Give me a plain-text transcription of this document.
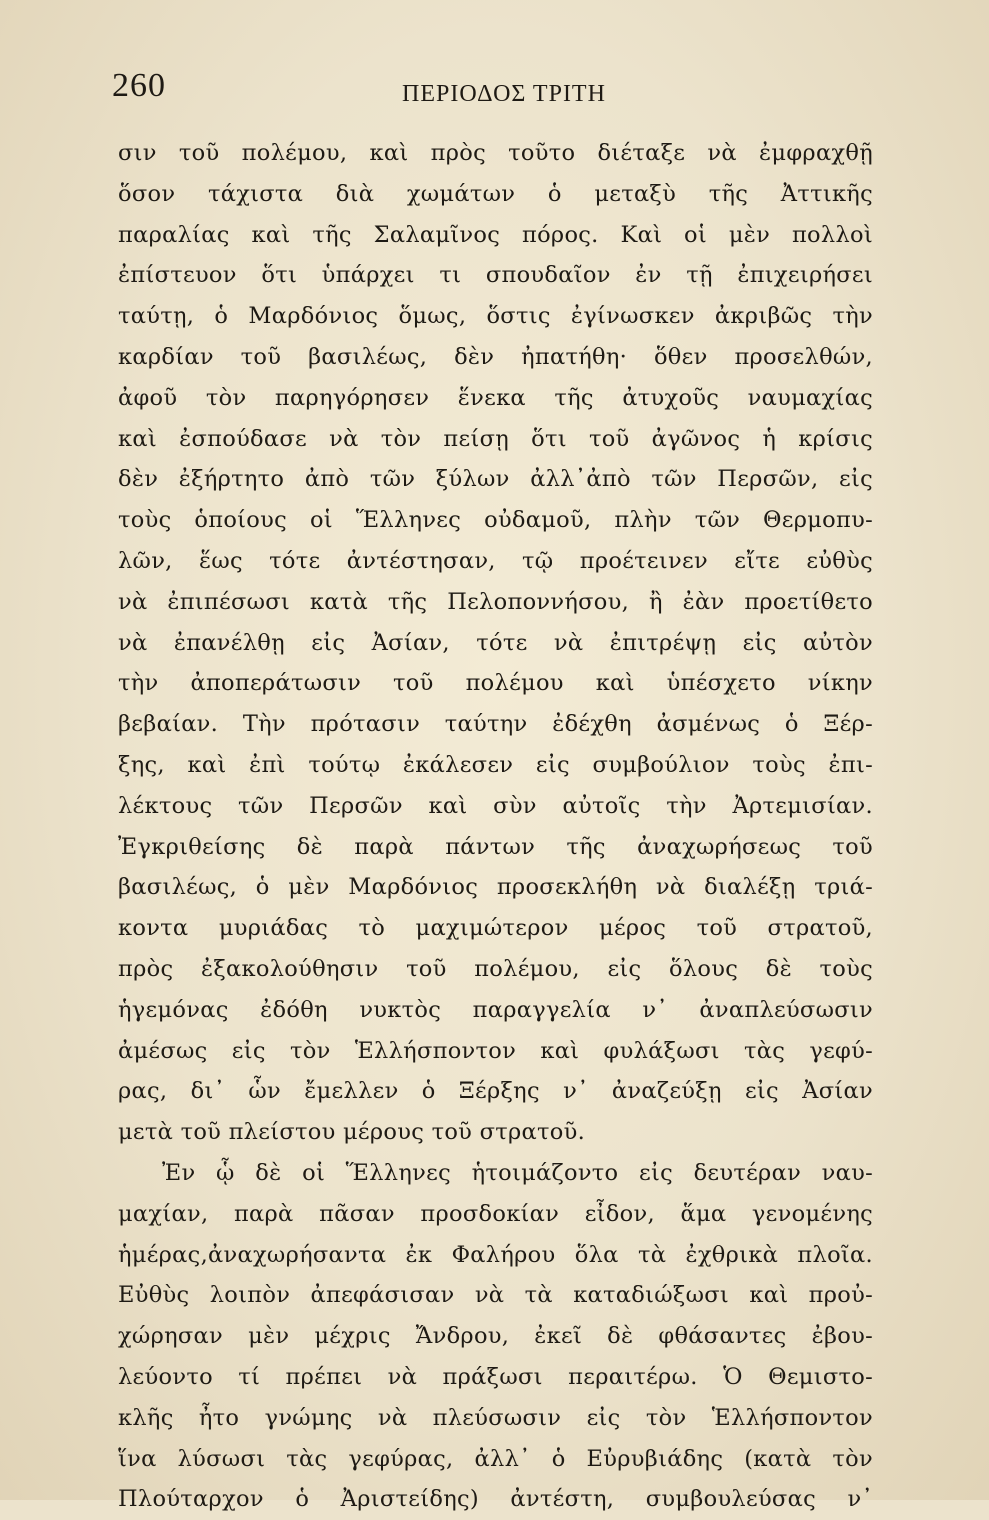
260	ΠΕΡΙΟΔΟΣ ΤΡΙΤΗ
σιν τοῦ πολέμου, καὶ πρὸς τοῦτο διέταξε νὰ ἐμφραχθῇ
ὅσον τάχιστα διὰ χωμάτων ὁ μεταξὺ τῆς Ἀττικῆς
παραλίας καὶ τῆς Σαλαμῖνος πόρος. Καὶ οἱ μὲν πολλοὶ
ἐπίστευον ὅτι ὑπάρχει τι σπουδαῖον ἐν τῇ ἐπιχειρήσει
ταύτῃ, ὁ Μαρδόνιος ὅμως, ὅστις ἐγίνωσκεν ἀκριβῶς τὴν
καρδίαν τοῦ βασιλέως, δὲν ἠπατήθη· ὅθεν προσελθών,
ἀφοῦ τὸν παρηγόρησεν ἕνεκα τῆς ἀτυχοῦς ναυμαχίας
καὶ ἐσπούδασε νὰ τὸν πείσῃ ὅτι τοῦ ἀγῶνος ἡ κρίσις
δὲν ἐξήρτητο ἀπὸ τῶν ξύλων ἀλλ᾽ἀπὸ τῶν Περσῶν, εἰς
τοὺς ὁποίους οἱ Ἕλληνες οὐδαμοῦ, πλὴν τῶν Θερμοπυ-
λῶν, ἕως τότε ἀντέστησαν, τῷ προέτεινεν εἴτε εὐθὺς
νὰ ἐπιπέσωσι κατὰ τῆς Πελοποννήσου, ἢ ἐὰν προετίθετο
νὰ ἐπανέλθῃ εἰς Ἀσίαν, τότε νὰ ἐπιτρέψῃ εἰς αὐτὸν
τὴν ἀποπεράτωσιν τοῦ πολέμου καὶ ὑπέσχετο νίκην
βεβαίαν. Τὴν πρότασιν ταύτην ἐδέχθη ἀσμένως ὁ Ξέρ-
ξης, καὶ ἐπὶ τούτῳ ἐκάλεσεν εἰς συμβούλιον τοὺς ἐπι-
λέκτους τῶν Περσῶν καὶ σὺν αὐτοῖς τὴν Ἀρτεμισίαν.
Ἐγκριθείσης δὲ παρὰ πάντων τῆς ἀναχωρήσεως τοῦ
βασιλέως, ὁ μὲν Μαρδόνιος προσεκλήθη νὰ διαλέξῃ τριά-
κοντα μυριάδας τὸ μαχιμώτερον μέρος τοῦ στρατοῦ,
πρὸς ἐξακολούθησιν τοῦ πολέμου, εἰς ὅλους δὲ τοὺς
ἡγεμόνας ἐδόθη νυκτὸς παραγγελία ν᾽ ἀναπλεύσωσιν
ἀμέσως εἰς τὸν Ἑλλήσποντον καὶ φυλάξωσι τὰς γεφύ-
ρας, δι᾽ ὧν ἔμελλεν ὁ Ξέρξης ν᾽ ἀναζεύξῃ εἰς Ἀσίαν
μετὰ τοῦ πλείστου μέρους τοῦ στρατοῦ.
Ἐν ᾧ δὲ οἱ Ἕλληνες ἡτοιμάζοντο εἰς δευτέραν ναυ-
μαχίαν, παρὰ πᾶσαν προσδοκίαν εἶδον, ἅμα γενομένης
ἡμέρας,ἀναχωρήσαντα ἐκ Φαλήρου ὅλα τὰ ἐχθρικὰ πλοῖα.
Εὐθὺς λοιπὸν ἀπεφάσισαν νὰ τὰ καταδιώξωσι καὶ προὐ-
χώρησαν μὲν μέχρις Ἄνδρου, ἐκεῖ δὲ φθάσαντες ἐβου-
λεύοντο τί πρέπει νὰ πράξωσι περαιτέρω. Ὁ Θεμιστο-
κλῆς ἦτο γνώμης νὰ πλεύσωσιν εἰς τὸν Ἑλλήσποντον
ἵνα λύσωσι τὰς γεφύρας, ἀλλ᾽ ὁ Εὐρυβιάδης (κατὰ τὸν
Πλούταρχον ὁ Ἀριστείδης) ἀντέστη, συμβουλεύσας ν᾽
